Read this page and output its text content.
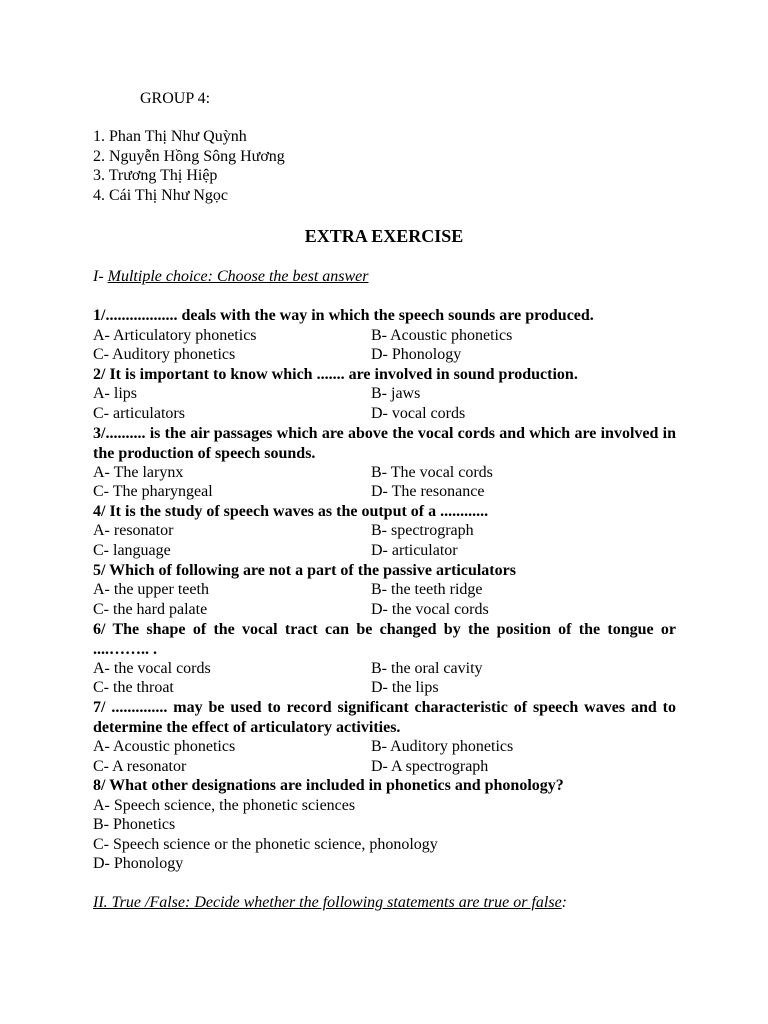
GROUP 4:
1. Phan Thị Như Quỳnh
2. Nguyễn Hồng Sông Hương
3. Trương Thị Hiệp
4. Cái Thị Như Ngọc
EXTRA EXERCISE
I- Multiple choice: Choose the best answer
1/.................. deals with the way in which the speech sounds are produced.
A- Articulatory phonetics	B- Acoustic phonetics
C- Auditory phonetics	D- Phonology
2/ It is important to know which ....... are involved in sound production.
A- lips	B- jaws
C- articulators	D- vocal cords
3/.......... is the air passages which are above the vocal cords and which are involved in the production of speech sounds.
A- The larynx	B- The vocal cords
C- The pharyngeal	D- The resonance
4/ It is the study of speech waves as the output of a ............
A- resonator	B- spectrograph
C- language	D- articulator
5/ Which of following are not a part of the passive articulators
A- the upper teeth	B- the teeth ridge
C- the hard palate	D- the vocal cords
6/ The shape of the vocal tract can be changed by the position of the tongue or ....…….. .
A- the vocal cords	B- the oral cavity
C- the throat	D- the lips
7/ .............. may be used to record significant characteristic of speech waves and to determine the effect of articulatory activities.
A- Acoustic phonetics	B- Auditory phonetics
C- A resonator	D- A spectrograph
8/ What other designations are included in phonetics and phonology?
A- Speech science, the phonetic sciences
B- Phonetics
C- Speech science or the phonetic science, phonology
D- Phonology
II. True /False: Decide whether the following statements are true or false:
